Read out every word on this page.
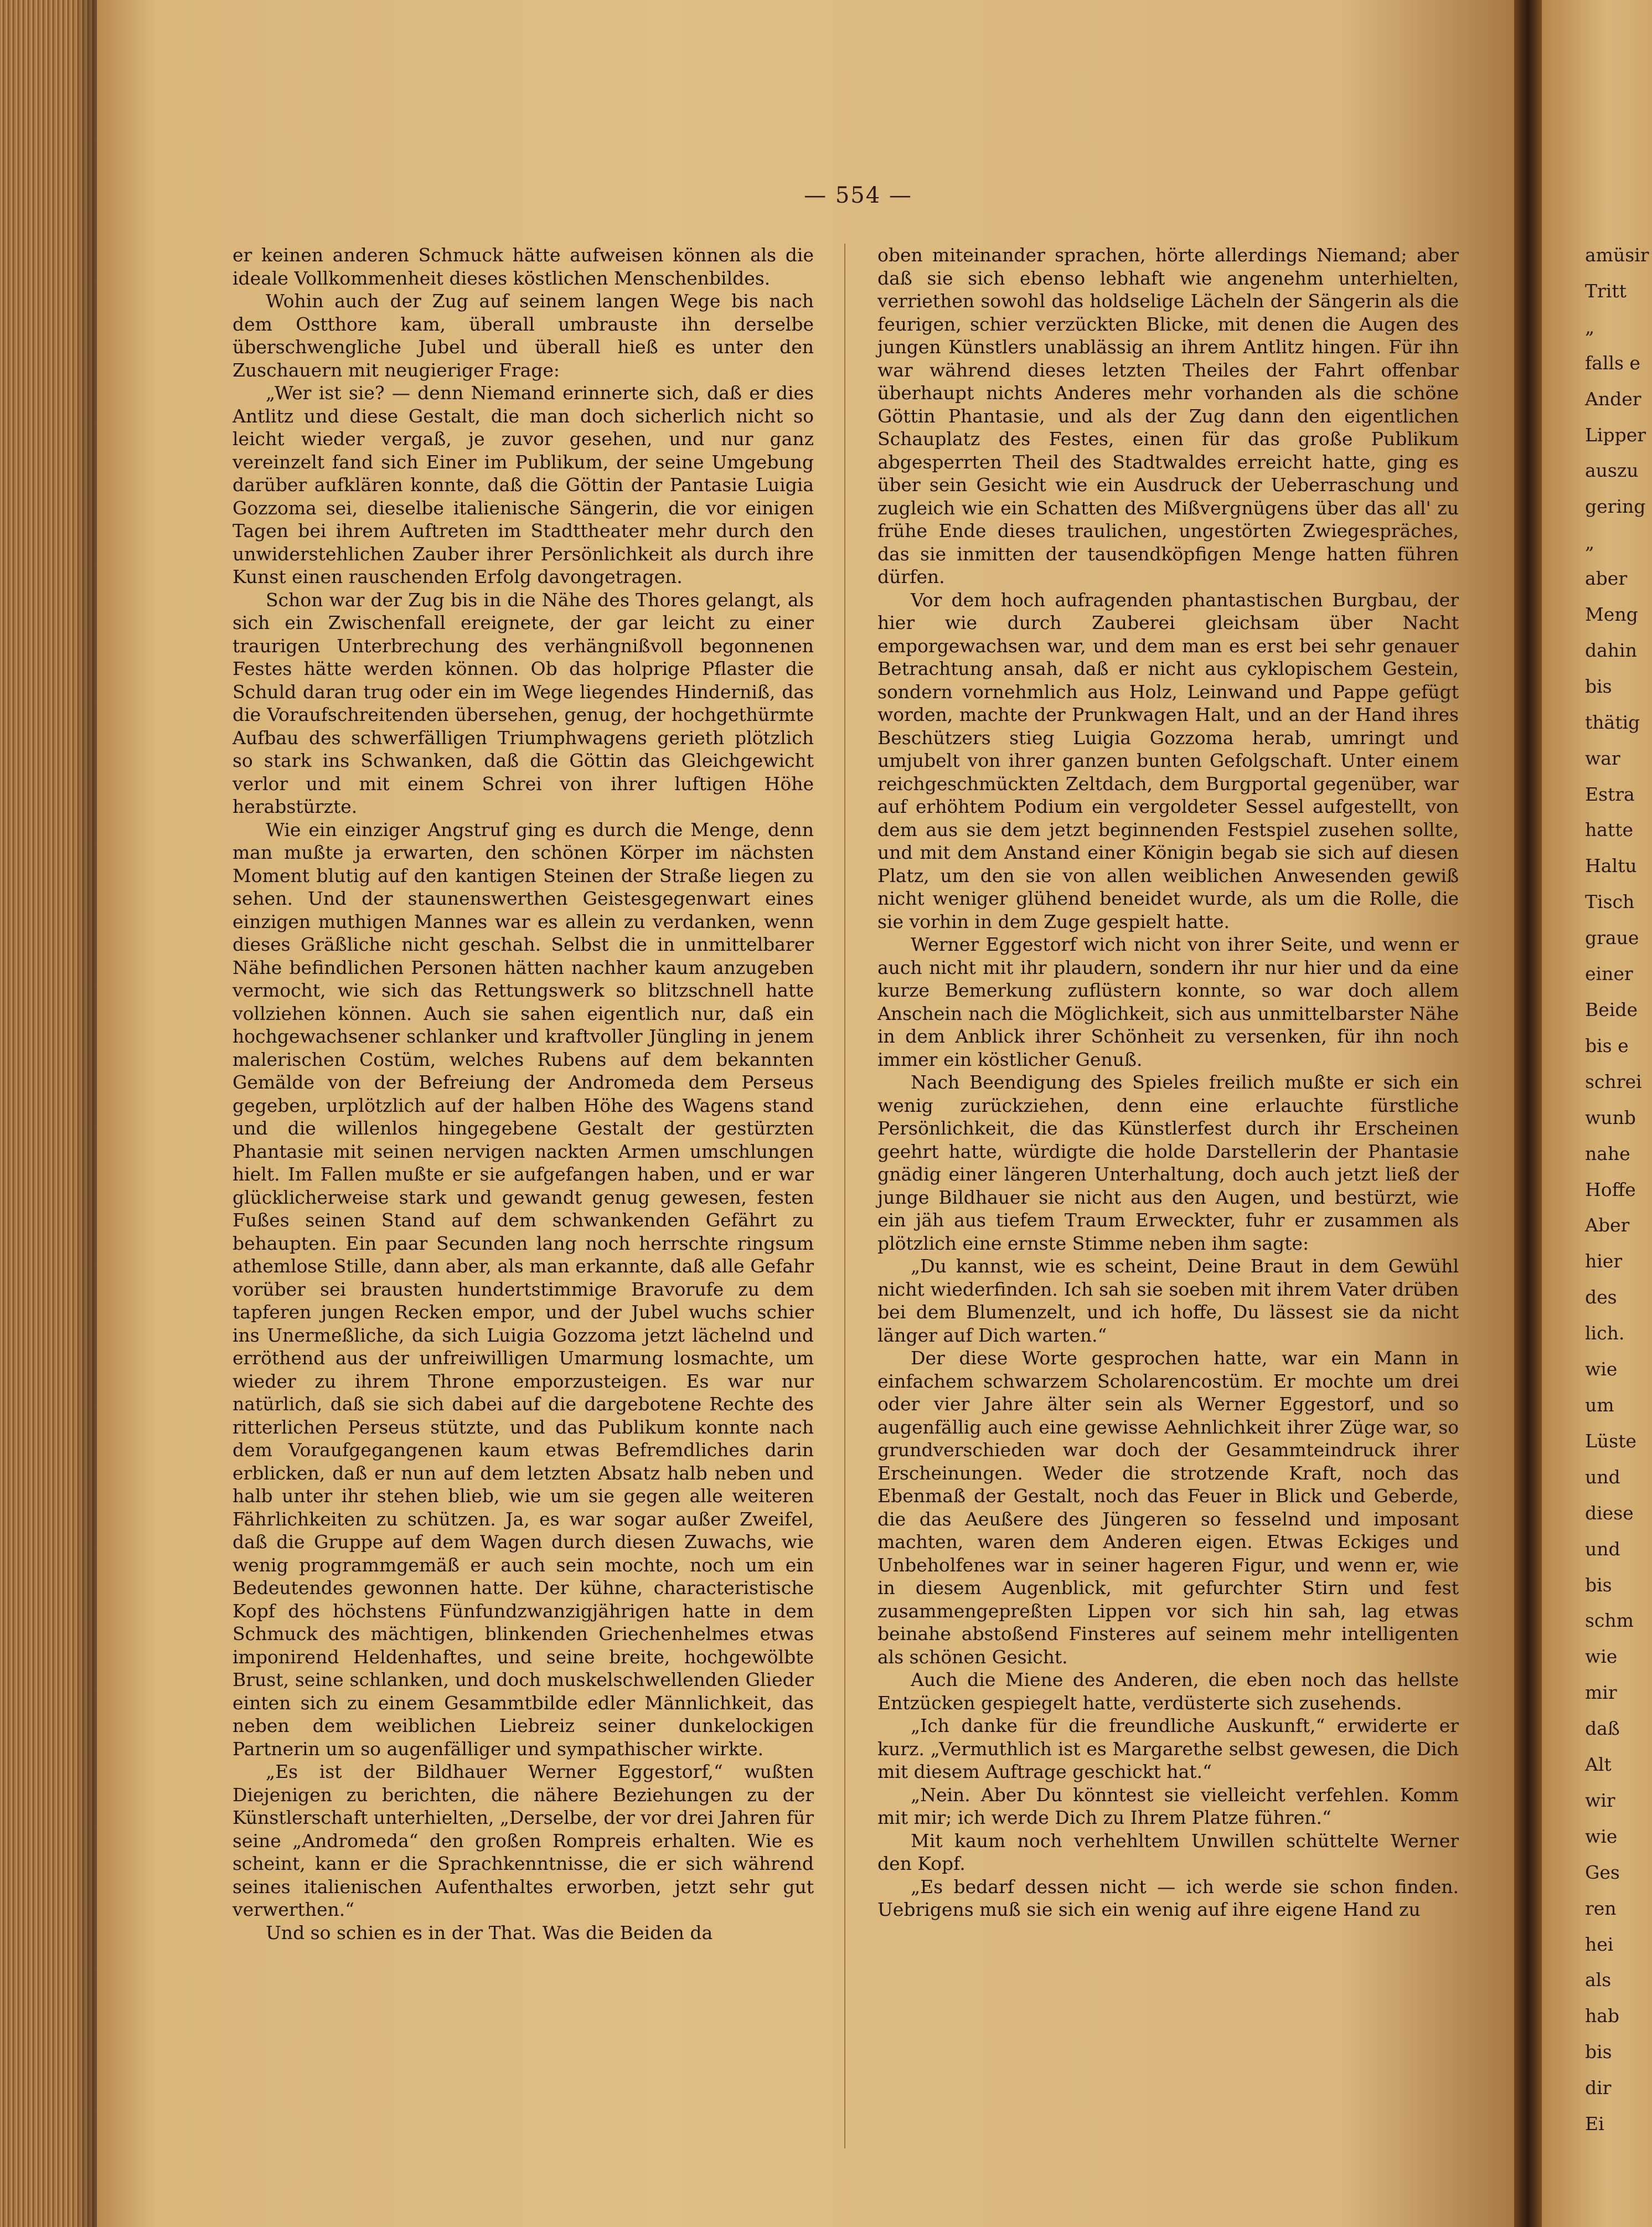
— 554 —

er keinen anderen Schmuck hätte aufweisen können als die ideale Vollkommenheit dieses köstlichen Menschenbildes.

Wohin auch der Zug auf seinem langen Wege bis nach dem Ostthore kam, überall umbrauste ihn derselbe überschwengliche Jubel und überall hieß es unter den Zuschauern mit neugieriger Frage:

„Wer ist sie? — denn Niemand erinnerte sich, daß er dies Antlitz und diese Gestalt, die man doch sicherlich nicht so leicht wieder vergaß, je zuvor gesehen, und nur ganz vereinzelt fand sich Einer im Publikum, der seine Umgebung darüber aufklären konnte, daß die Göttin der Pantasie Luigia Gozzoma sei, dieselbe italienische Sängerin, die vor einigen Tagen bei ihrem Auftreten im Stadttheater mehr durch den unwiderstehlichen Zauber ihrer Persönlichkeit als durch ihre Kunst einen rauschenden Erfolg davongetragen.

Schon war der Zug bis in die Nähe des Thores gelangt, als sich ein Zwischenfall ereignete, der gar leicht zu einer traurigen Unterbrechung des verhängnißvoll begonnenen Festes hätte werden können. Ob das holprige Pflaster die Schuld daran trug oder ein im Wege liegendes Hinderniß, das die Voraufschreitenden übersehen, genug, der hochgethürmte Aufbau des schwerfälligen Triumphwagens gerieth plötzlich so stark ins Schwanken, daß die Göttin das Gleichgewicht verlor und mit einem Schrei von ihrer luftigen Höhe herabstürzte.

Wie ein einziger Angstruf ging es durch die Menge, denn man mußte ja erwarten, den schönen Körper im nächsten Moment blutig auf den kantigen Steinen der Straße liegen zu sehen. Und der staunenswerthen Geistesgegenwart eines einzigen muthigen Mannes war es allein zu verdanken, wenn dieses Gräßliche nicht geschah. Selbst die in unmittelbarer Nähe befindlichen Personen hätten nachher kaum anzugeben vermocht, wie sich das Rettungswerk so blitzschnell hatte vollziehen können. Auch sie sahen eigentlich nur, daß ein hochgewachsener schlanker und kraftvoller Jüngling in jenem malerischen Costüm, welches Rubens auf dem bekannten Gemälde von der Befreiung der Andromeda dem Perseus gegeben, urplötzlich auf der halben Höhe des Wagens stand und die willenlos hingegebene Gestalt der gestürzten Phantasie mit seinen nervigen nackten Armen umschlungen hielt. Im Fallen mußte er sie aufgefangen haben, und er war glücklicherweise stark und gewandt genug gewesen, festen Fußes seinen Stand auf dem schwankenden Gefährt zu behaupten. Ein paar Secunden lang noch herrschte ringsum athemlose Stille, dann aber, als man erkannte, daß alle Gefahr vorüber sei brausten hundertstimmige Bravorufe zu dem tapferen jungen Recken empor, und der Jubel wuchs schier ins Unermeßliche, da sich Luigia Gozzoma jetzt lächelnd und erröthend aus der unfreiwilligen Umarmung losmachte, um wieder zu ihrem Throne emporzusteigen. Es war nur natürlich, daß sie sich dabei auf die dargebotene Rechte des ritterlichen Perseus stützte, und das Publikum konnte nach dem Voraufgegangenen kaum etwas Befremdliches darin erblicken, daß er nun auf dem letzten Absatz halb neben und halb unter ihr stehen blieb, wie um sie gegen alle weiteren Fährlichkeiten zu schützen. Ja, es war sogar außer Zweifel, daß die Gruppe auf dem Wagen durch diesen Zuwachs, wie wenig programmgemäß er auch sein mochte, noch um ein Bedeutendes gewonnen hatte. Der kühne, characteristische Kopf des höchstens Fünfundzwanzigjährigen hatte in dem Schmuck des mächtigen, blinkenden Griechenhelmes etwas imponirend Heldenhaftes, und seine breite, hochgewölbte Brust, seine schlanken, und doch muskelschwellenden Glieder einten sich zu einem Gesammtbilde edler Männlichkeit, das neben dem weiblichen Liebreiz seiner dunkelockigen Partnerin um so augenfälliger und sympathischer wirkte.

„Es ist der Bildhauer Werner Eggestorf,“ wußten Diejenigen zu berichten, die nähere Beziehungen zu der Künstlerschaft unterhielten, „Derselbe, der vor drei Jahren für seine „Andromeda“ den großen Rompreis erhalten. Wie es scheint, kann er die Sprachkenntnisse, die er sich während seines italienischen Aufenthaltes erworben, jetzt sehr gut verwerthen.“

Und so schien es in der That. Was die Beiden da

oben miteinander sprachen, hörte allerdings Niemand; aber daß sie sich ebenso lebhaft wie angenehm unterhielten, verriethen sowohl das holdselige Lächeln der Sängerin als die feurigen, schier verzückten Blicke, mit denen die Augen des jungen Künstlers unablässig an ihrem Antlitz hingen. Für ihn war während dieses letzten Theiles der Fahrt offenbar überhaupt nichts Anderes mehr vorhanden als die schöne Göttin Phantasie, und als der Zug dann den eigentlichen Schauplatz des Festes, einen für das große Publikum abgesperrten Theil des Stadtwaldes erreicht hatte, ging es über sein Gesicht wie ein Ausdruck der Ueberraschung und zugleich wie ein Schatten des Mißvergnügens über das all' zu frühe Ende dieses traulichen, ungestörten Zwiegespräches, das sie inmitten der tausendköpfigen Menge hatten führen dürfen.

Vor dem hoch aufragenden phantastischen Burgbau, der hier wie durch Zauberei gleichsam über Nacht emporgewachsen war, und dem man es erst bei sehr genauer Betrachtung ansah, daß er nicht aus cyklopischem Gestein, sondern vornehmlich aus Holz, Leinwand und Pappe gefügt worden, machte der Prunkwagen Halt, und an der Hand ihres Beschützers stieg Luigia Gozzoma herab, umringt und umjubelt von ihrer ganzen bunten Gefolgschaft. Unter einem reichgeschmückten Zeltdach, dem Burgportal gegenüber, war auf erhöhtem Podium ein vergoldeter Sessel aufgestellt, von dem aus sie dem jetzt beginnenden Festspiel zusehen sollte, und mit dem Anstand einer Königin begab sie sich auf diesen Platz, um den sie von allen weiblichen Anwesenden gewiß nicht weniger glühend beneidet wurde, als um die Rolle, die sie vorhin in dem Zuge gespielt hatte.

Werner Eggestorf wich nicht von ihrer Seite, und wenn er auch nicht mit ihr plaudern, sondern ihr nur hier und da eine kurze Bemerkung zuflüstern konnte, so war doch allem Anschein nach die Möglichkeit, sich aus unmittelbarster Nähe in dem Anblick ihrer Schönheit zu versenken, für ihn noch immer ein köstlicher Genuß.

Nach Beendigung des Spieles freilich mußte er sich ein wenig zurückziehen, denn eine erlauchte fürstliche Persönlichkeit, die das Künstlerfest durch ihr Erscheinen geehrt hatte, würdigte die holde Darstellerin der Phantasie gnädig einer längeren Unterhaltung, doch auch jetzt ließ der junge Bildhauer sie nicht aus den Augen, und bestürzt, wie ein jäh aus tiefem Traum Erweckter, fuhr er zusammen als plötzlich eine ernste Stimme neben ihm sagte:

„Du kannst, wie es scheint, Deine Braut in dem Gewühl nicht wiederfinden. Ich sah sie soeben mit ihrem Vater drüben bei dem Blumenzelt, und ich hoffe, Du lässest sie da nicht länger auf Dich warten.“

Der diese Worte gesprochen hatte, war ein Mann in einfachem schwarzem Scholarencostüm. Er mochte um drei oder vier Jahre älter sein als Werner Eggestorf, und so augenfällig auch eine gewisse Aehnlichkeit ihrer Züge war, so grundverschieden war doch der Gesammteindruck ihrer Erscheinungen. Weder die strotzende Kraft, noch das Ebenmaß der Gestalt, noch das Feuer in Blick und Geberde, die das Aeußere des Jüngeren so fesselnd und imposant machten, waren dem Anderen eigen. Etwas Eckiges und Unbeholfenes war in seiner hageren Figur, und wenn er, wie in diesem Augenblick, mit gefurchter Stirn und fest zusammengepreßten Lippen vor sich hin sah, lag etwas beinahe abstoßend Finsteres auf seinem mehr intelligenten als schönen Gesicht.

Auch die Miene des Anderen, die eben noch das hellste Entzücken gespiegelt hatte, verdüsterte sich zusehends.

„Ich danke für die freundliche Auskunft,“ erwiderte er kurz. „Vermuthlich ist es Margarethe selbst gewesen, die Dich mit diesem Auftrage geschickt hat.“

„Nein. Aber Du könntest sie vielleicht verfehlen. Komm mit mir; ich werde Dich zu Ihrem Platze führen.“

Mit kaum noch verhehltem Unwillen schüttelte Werner den Kopf.

„Es bedarf dessen nicht — ich werde sie schon finden. Uebrigens muß sie sich ein wenig auf ihre eigene Hand zu

amüsir
Tritt
„
falls e
Ander
Lipper
auszu
gering
„
aber
Meng
dahin
bis
thätig
war
Estra
hatte
Haltu
Tisch
graue
einer
Beide
bis e
schrei
wunb
nahe
Hoffe
Aber
hier
des
lich.
wie
um
Lüste
und
diese
und
bis
schm
wie
mir
daß
Alt
wir
wie
Ges
ren
hei
als
hab
bis
dir
Ei
